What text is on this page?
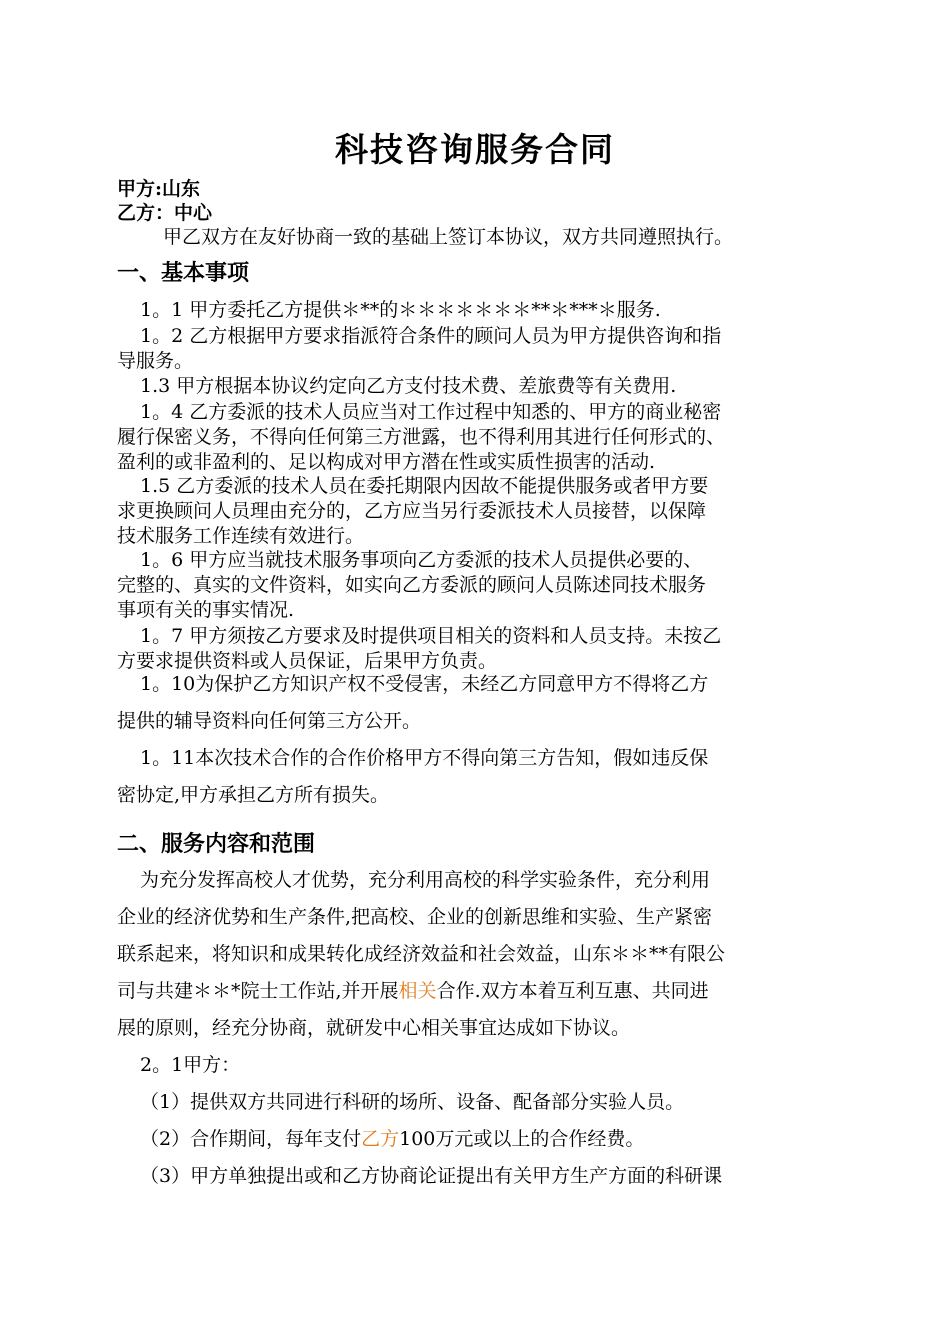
科技咨询服务合同
甲方:山东
乙方：中心
甲乙双方在友好协商一致的基础上签订本协议，双方共同遵照执行。
一、基本事项
1。1 甲方委托乙方提供＊**的＊＊＊＊＊＊＊**＊***＊服务.
1。2 乙方根据甲方要求指派符合条件的顾问人员为甲方提供咨询和指
导服务。
1.3 甲方根据本协议约定向乙方支付技术费、差旅费等有关费用.
1。4 乙方委派的技术人员应当对工作过程中知悉的、甲方的商业秘密
履行保密义务，不得向任何第三方泄露，也不得利用其进行任何形式的、
盈利的或非盈利的、足以构成对甲方潜在性或实质性损害的活动.
1.5 乙方委派的技术人员在委托期限内因故不能提供服务或者甲方要
求更换顾问人员理由充分的，乙方应当另行委派技术人员接替，以保障
技术服务工作连续有效进行。
1。6 甲方应当就技术服务事项向乙方委派的技术人员提供必要的、
完整的、真实的文件资料，如实向乙方委派的顾问人员陈述同技术服务
事项有关的事实情况.
1。7 甲方须按乙方要求及时提供项目相关的资料和人员支持。未按乙
方要求提供资料或人员保证，后果甲方负责。
1。10为保护乙方知识产权不受侵害，未经乙方同意甲方不得将乙方
提供的辅导资料向任何第三方公开。
1。11本次技术合作的合作价格甲方不得向第三方告知，假如违反保
密协定,甲方承担乙方所有损失。
二、服务内容和范围
为充分发挥高校人才优势，充分利用高校的科学实验条件，充分利用
企业的经济优势和生产条件,把高校、企业的创新思维和实验、生产紧密
联系起来，将知识和成果转化成经济效益和社会效益，山东＊＊**有限公
司与共建＊＊*院士工作站,并开展相关合作.双方本着互利互惠、共同进
展的原则，经充分协商，就研发中心相关事宜达成如下协议。
2。1甲方：
（1）提供双方共同进行科研的场所、设备、配备部分实验人员。
（2）合作期间，每年支付乙方100万元或以上的合作经费。
（3）甲方单独提出或和乙方协商论证提出有关甲方生产方面的科研课
